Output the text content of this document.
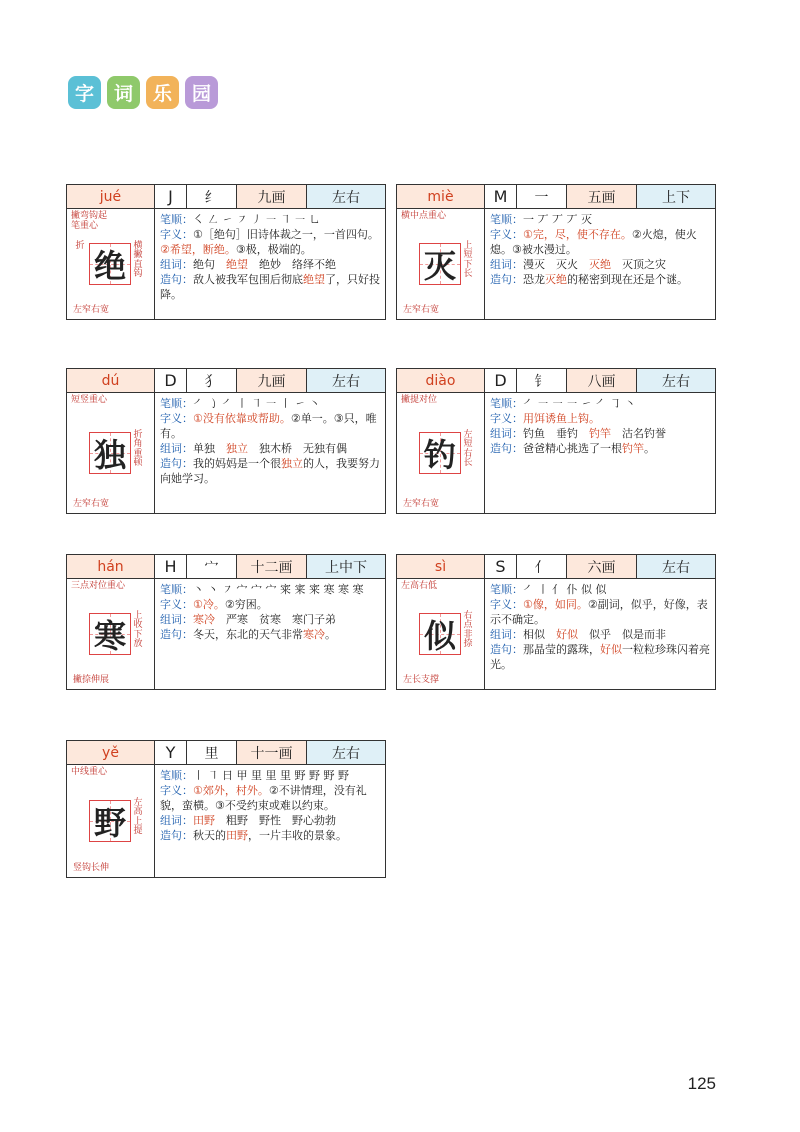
字	词	乐	园
jué	J	纟	九画	左右
绝
撇弯钩起
笔重心
左窄右宽
横撇直钩
折
笔顺：㇛ ㇜ ㇀ ㇇ ㇓ ㇐ ㇕ ㇐ ㇟
字义：①［绝句］旧诗体裁之一，一首四句。②希望，断绝。③极，极端的。
组词：绝句　绝望　绝妙　络绎不绝
造句：敌人被我军包围后彻底绝望了，只好投降。
miè	M	一	五画	上下
灭
横中点重心
左窄右宽
上短下长
笔顺：一 丆 丆 丆 灭
字义：①完，尽，使不存在。②火熄，使火熄。③被水漫过。
组词：漫灭　灭火　灭绝　灭顶之灾
造句：恐龙灭绝的秘密到现在还是个谜。
dú	D	犭	九画	左右
独
短竖重心
左窄右宽
折角重顿
笔顺：㇒ ㇁ ㇒ ㇑ ㇕ ㇐ ㇑ ㇀ ㇔
字义：①没有依靠或帮助。②单一。③只，唯有。
组词：单独　独立　独木桥　无独有偶
造句：我的妈妈是一个很独立的人，我要努力向她学习。
diào	D	钅	八画	左右
钓
撇提对位
左窄右宽
左短右长
笔顺：㇒ ㇐ ㇐ ㇐ ㇀ ㇒ ㇆ ㇔
字义：用饵诱鱼上钩。
组词：钓鱼　垂钓　钓竿　沽名钓誉
造句：爸爸精心挑选了一根钓竿。
hán	H	宀	十二画	上中下
寒
三点对位重心
撇捺伸展
上收下放
笔顺：丶 丶 ㇇ 宀 宀 宀 宷 宷 宷 寒 寒 寒
字义：①冷。②穷困。
组词：寒冷　严寒　贫寒　寒门子弟
造句：冬天，东北的天气非常寒冷。
sì	S	亻	六画	左右
似
左高右低
左长支撑
右点非捺
笔顺：㇒ ㇑ 亻 仆 似 似
字义：①像，如同。②副词，似乎，好像，表示不确定。
组词：相似　好似　似乎　似是而非
造句：那晶莹的露珠，好似一粒粒珍珠闪着亮光。
yě	Y	里	十一画	左右
野
中线重心
竖钩长伸
左高上提
笔顺：㇑ ㇕ 日 甲 里 里 里 野 野 野 野
字义：①郊外，村外。②不讲情理，没有礼貌，蛮横。③不受约束或难以约束。
组词：田野　粗野　野性　野心勃勃
造句：秋天的田野，一片丰收的景象。
125
